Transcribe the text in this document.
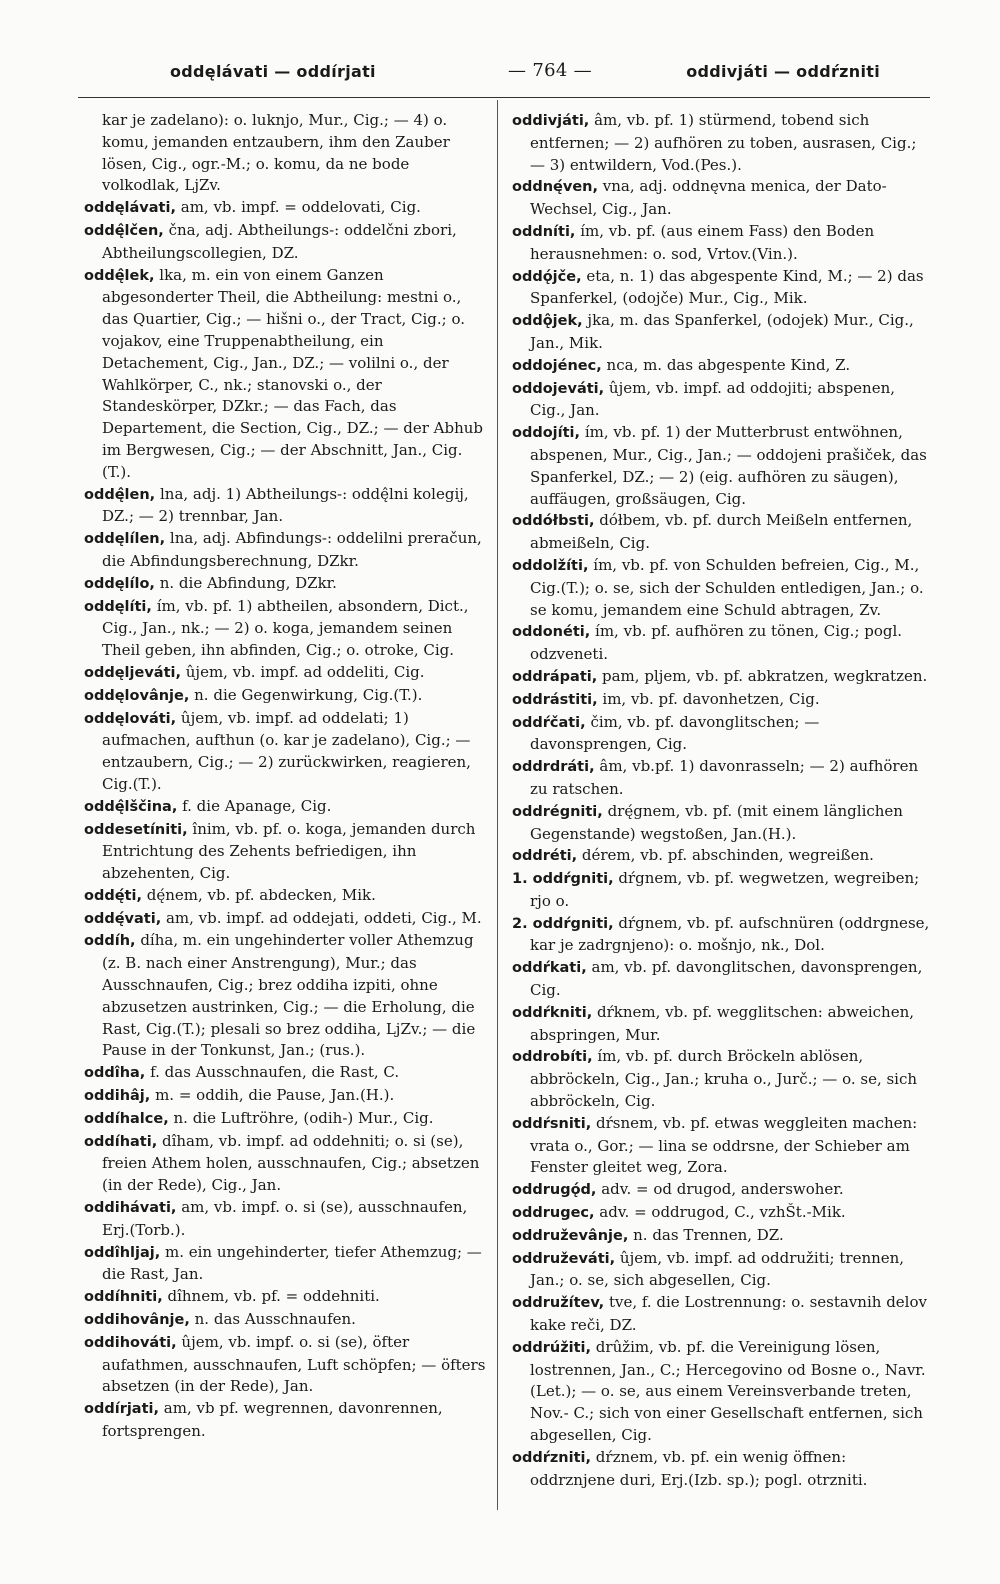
oddęlávati — oddírjati	— 764 —	oddivjáti — oddŕzniti

kar je zadelano): o. luknjo, Mur., Cig.; — 4) o. komu, jemanden entzaubern, ihm den Zauber lösen, Cig., ogr.-M.; o. komu, da ne bode volkodlak, LjZv.

oddęlávati, am, vb. impf. = oddelovati, Cig.

oddę̂lčen, čna, adj. Abtheilungs-: oddelčni zbori, Abtheilungscollegien, DZ.

oddę̂lek, lka, m. ein von einem Ganzen abgesonderter Theil, die Abtheilung: mestni o., das Quartier, Cig.; — hišni o., der Tract, Cig.; o. vojakov, eine Truppenabtheilung, ein Detachement, Cig., Jan., DZ.; — volilni o., der Wahlkörper, C., nk.; stanovski o., der Standeskörper, DZkr.; — das Fach, das Departement, die Section, Cig., DZ.; — der Abhub im Bergwesen, Cig.; — der Abschnitt, Jan., Cig.(T.).

oddę̂len, lna, adj. 1) Abtheilungs-: oddę̂lni kolegij, DZ.; — 2) trennbar, Jan.

oddęlílen, lna, adj. Abfindungs-: oddelilni preračun, die Abfindungsberechnung, DZkr.

oddęlílo, n. die Abfindung, DZkr.

oddęlíti, ím, vb. pf. 1) abtheilen, absondern, Dict., Cig., Jan., nk.; — 2) o. koga, jemandem seinen Theil geben, ihn abfinden, Cig.; o. otroke, Cig.

oddęljeváti, ûjem, vb. impf. ad oddeliti, Cig.

oddęlovânje, n. die Gegenwirkung, Cig.(T.).

oddęlováti, ûjem, vb. impf. ad oddelati; 1) aufmachen, aufthun (o. kar je zadelano), Cig.; — entzaubern, Cig.; — 2) zurückwirken, reagieren, Cig.(T.).

oddę̂lščina, f. die Apanage, Cig.

oddesetíniti, înim, vb. pf. o. koga, jemanden durch Entrichtung des Zehents befriedigen, ihn abzehenten, Cig.

oddę́ti, dę́nem, vb. pf. abdecken, Mik.

oddę́vati, am, vb. impf. ad oddejati, oddeti, Cig., M.

oddíh, díha, m. ein ungehinderter voller Athemzug (z. B. nach einer Anstrengung), Mur.; das Ausschnaufen, Cig.; brez oddiha izpiti, ohne abzusetzen austrinken, Cig.; — die Erholung, die Rast, Cig.(T.); plesali so brez oddiha, LjZv.; — die Pause in der Tonkunst, Jan.; (rus.).

oddîha, f. das Ausschnaufen, die Rast, C.

oddihâj, m. = oddih, die Pause, Jan.(H.).

oddíhalce, n. die Luftröhre, (odih-) Mur., Cig.

oddíhati, dîham, vb. impf. ad oddehniti; o. si (se), freien Athem holen, ausschnaufen, Cig.; absetzen (in der Rede), Cig., Jan.

oddihávati, am, vb. impf. o. si (se), ausschnaufen, Erj.(Torb.).

oddîhljaj, m. ein ungehinderter, tiefer Athemzug; — die Rast, Jan.

oddíhniti, dîhnem, vb. pf. = oddehniti.

oddihovânje, n. das Ausschnaufen.

oddihováti, ûjem, vb. impf. o. si (se), öfter aufathmen, ausschnaufen, Luft schöpfen; — öfters absetzen (in der Rede), Jan.

oddírjati, am, vb pf. wegrennen, davonrennen, fortsprengen.

oddivjáti, âm, vb. pf. 1) stürmend, tobend sich entfernen; — 2) aufhören zu toben, ausrasen, Cig.; — 3) entwildern, Vod.(Pes.).

oddnę́ven, vna, adj. oddnęvna menica, der Dato-Wechsel, Cig., Jan.

oddníti, ím, vb. pf. (aus einem Fass) den Boden herausnehmen: o. sod, Vrtov.(Vin.).

oddǫ́jče, eta, n. 1) das abgespente Kind, M.; — 2) das Spanferkel, (odojče) Mur., Cig., Mik.

oddǫ̂jek, jka, m. das Spanferkel, (odojek) Mur., Cig., Jan., Mik.

oddojénec, nca, m. das abgespente Kind, Z.

oddojeváti, ûjem, vb. impf. ad oddojiti; abspenen, Cig., Jan.

oddojíti, ím, vb. pf. 1) der Mutterbrust entwöhnen, abspenen, Mur., Cig., Jan.; — oddojeni prašiček, das Spanferkel, DZ.; — 2) (eig. aufhören zu säugen), auffäugen, großsäugen, Cig.

oddółbsti, dółbem, vb. pf. durch Meißeln entfernen, abmeißeln, Cig.

oddolžíti, ím, vb. pf. von Schulden befreien, Cig., M., Cig.(T.); o. se, sich der Schulden entledigen, Jan.; o. se komu, jemandem eine Schuld abtragen, Zv.

oddonéti, ím, vb. pf. aufhören zu tönen, Cig.; pogl. odzveneti.

oddrápati, pam, pljem, vb. pf. abkratzen, wegkratzen.

oddrástiti, im, vb. pf. davonhetzen, Cig.

oddŕčati, čim, vb. pf. davonglitschen; — davonsprengen, Cig.

oddrdráti, âm, vb.pf. 1) davonrasseln; — 2) aufhören zu ratschen.

oddrégniti, drę́gnem, vb. pf. (mit einem länglichen Gegenstande) wegstoßen, Jan.(H.).

oddréti, dérem, vb. pf. abschinden, wegreißen.

1. oddŕgniti, dŕgnem, vb. pf. wegwetzen, wegreiben; rjo o.

2. oddŕgniti, dŕgnem, vb. pf. aufschnüren (oddrgnese, kar je zadrgnjeno): o. mošnjo, nk., Dol.

oddŕkati, am, vb. pf. davonglitschen, davonsprengen, Cig.

oddŕkniti, dŕknem, vb. pf. wegglitschen: abweichen, abspringen, Mur.

oddrobíti, ím, vb. pf. durch Bröckeln ablösen, abbröckeln, Cig., Jan.; kruha o., Jurč.; — o. se, sich abbröckeln, Cig.

oddŕsniti, dŕsnem, vb. pf. etwas weggleiten machen: vrata o., Gor.; — lina se oddrsne, der Schieber am Fenster gleitet weg, Zora.

oddrugǫ́d, adv. = od drugod, anderswoher.

oddrugec, adv. = oddrugod, C., vzhŠt.-Mik.

oddruževânje, n. das Trennen, DZ.

oddruževáti, ûjem, vb. impf. ad oddružiti; trennen, Jan.; o. se, sich abgesellen, Cig.

oddružítev, tve, f. die Lostrennung: o. sestavnih delov kake reči, DZ.

oddrúžiti, drûžim, vb. pf. die Vereinigung lösen, lostrennen, Jan., C.; Hercegovino od Bosne o., Navr.(Let.); — o. se, aus einem Vereinsverbande treten, Nov.- C.; sich von einer Gesellschaft entfernen, sich abgesellen, Cig.

oddŕzniti, dŕznem, vb. pf. ein wenig öffnen: oddrznjene duri, Erj.(Izb. sp.); pogl. otrzniti.
